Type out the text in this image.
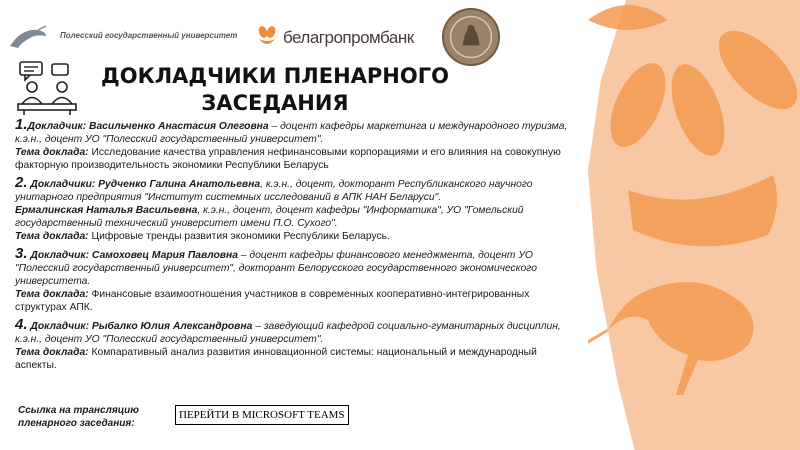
Полесский государственный университет	белагропромбанк
ДОКЛАДЧИКИ ПЛЕНАРНОГО
ЗАСЕДАНИЯ

1.Докладчик: Васильченко Анастасия Олеговна – доцент кафедры маркетинга и международного туризма, к.э.н., доцент УО "Полесский государственный университет".

Тема доклада: Исследование качества управления нефинансовыми корпорациями и его влияния на совокупную факторную производительность экономики Республики Беларусь

2. Докладчики: Рудченко Галина Анатольевна, к.э.н., доцент, докторант Республиканского научного унитарного предприятия "Институт системных исследований в АПК НАН Беларуси".

Ермалинская Наталья Васильевна, к.э.н., доцент, доцент кафедры "Информатика", УО "Гомельский государственный технический университет имени П.О. Сухого".

Тема доклада: Цифровые тренды развития экономики Республики Беларусь.

3. Докладчик: Самоховец Мария Павловна – доцент кафедры финансового менеджмента, доцент УО "Полесский государственный университет", докторант Белорусского государственного экономического университета.

Тема доклада: Финансовые взаимоотношения участников в современных кооперативно-интегрированных структурах АПК.

4. Докладчик: Рыбалко Юлия Александровна – заведующий кафедрой социально-гуманитарных дисциплин, к.э.н., доцент УО "Полесский государственный университет".

Тема доклада: Компаративный анализ развития инновационной системы: национальный и международный аспекты.

Ссылка на трансляцию
пленарного заседания:
ПЕРЕЙТИ В MICROSOFT TEAMS
